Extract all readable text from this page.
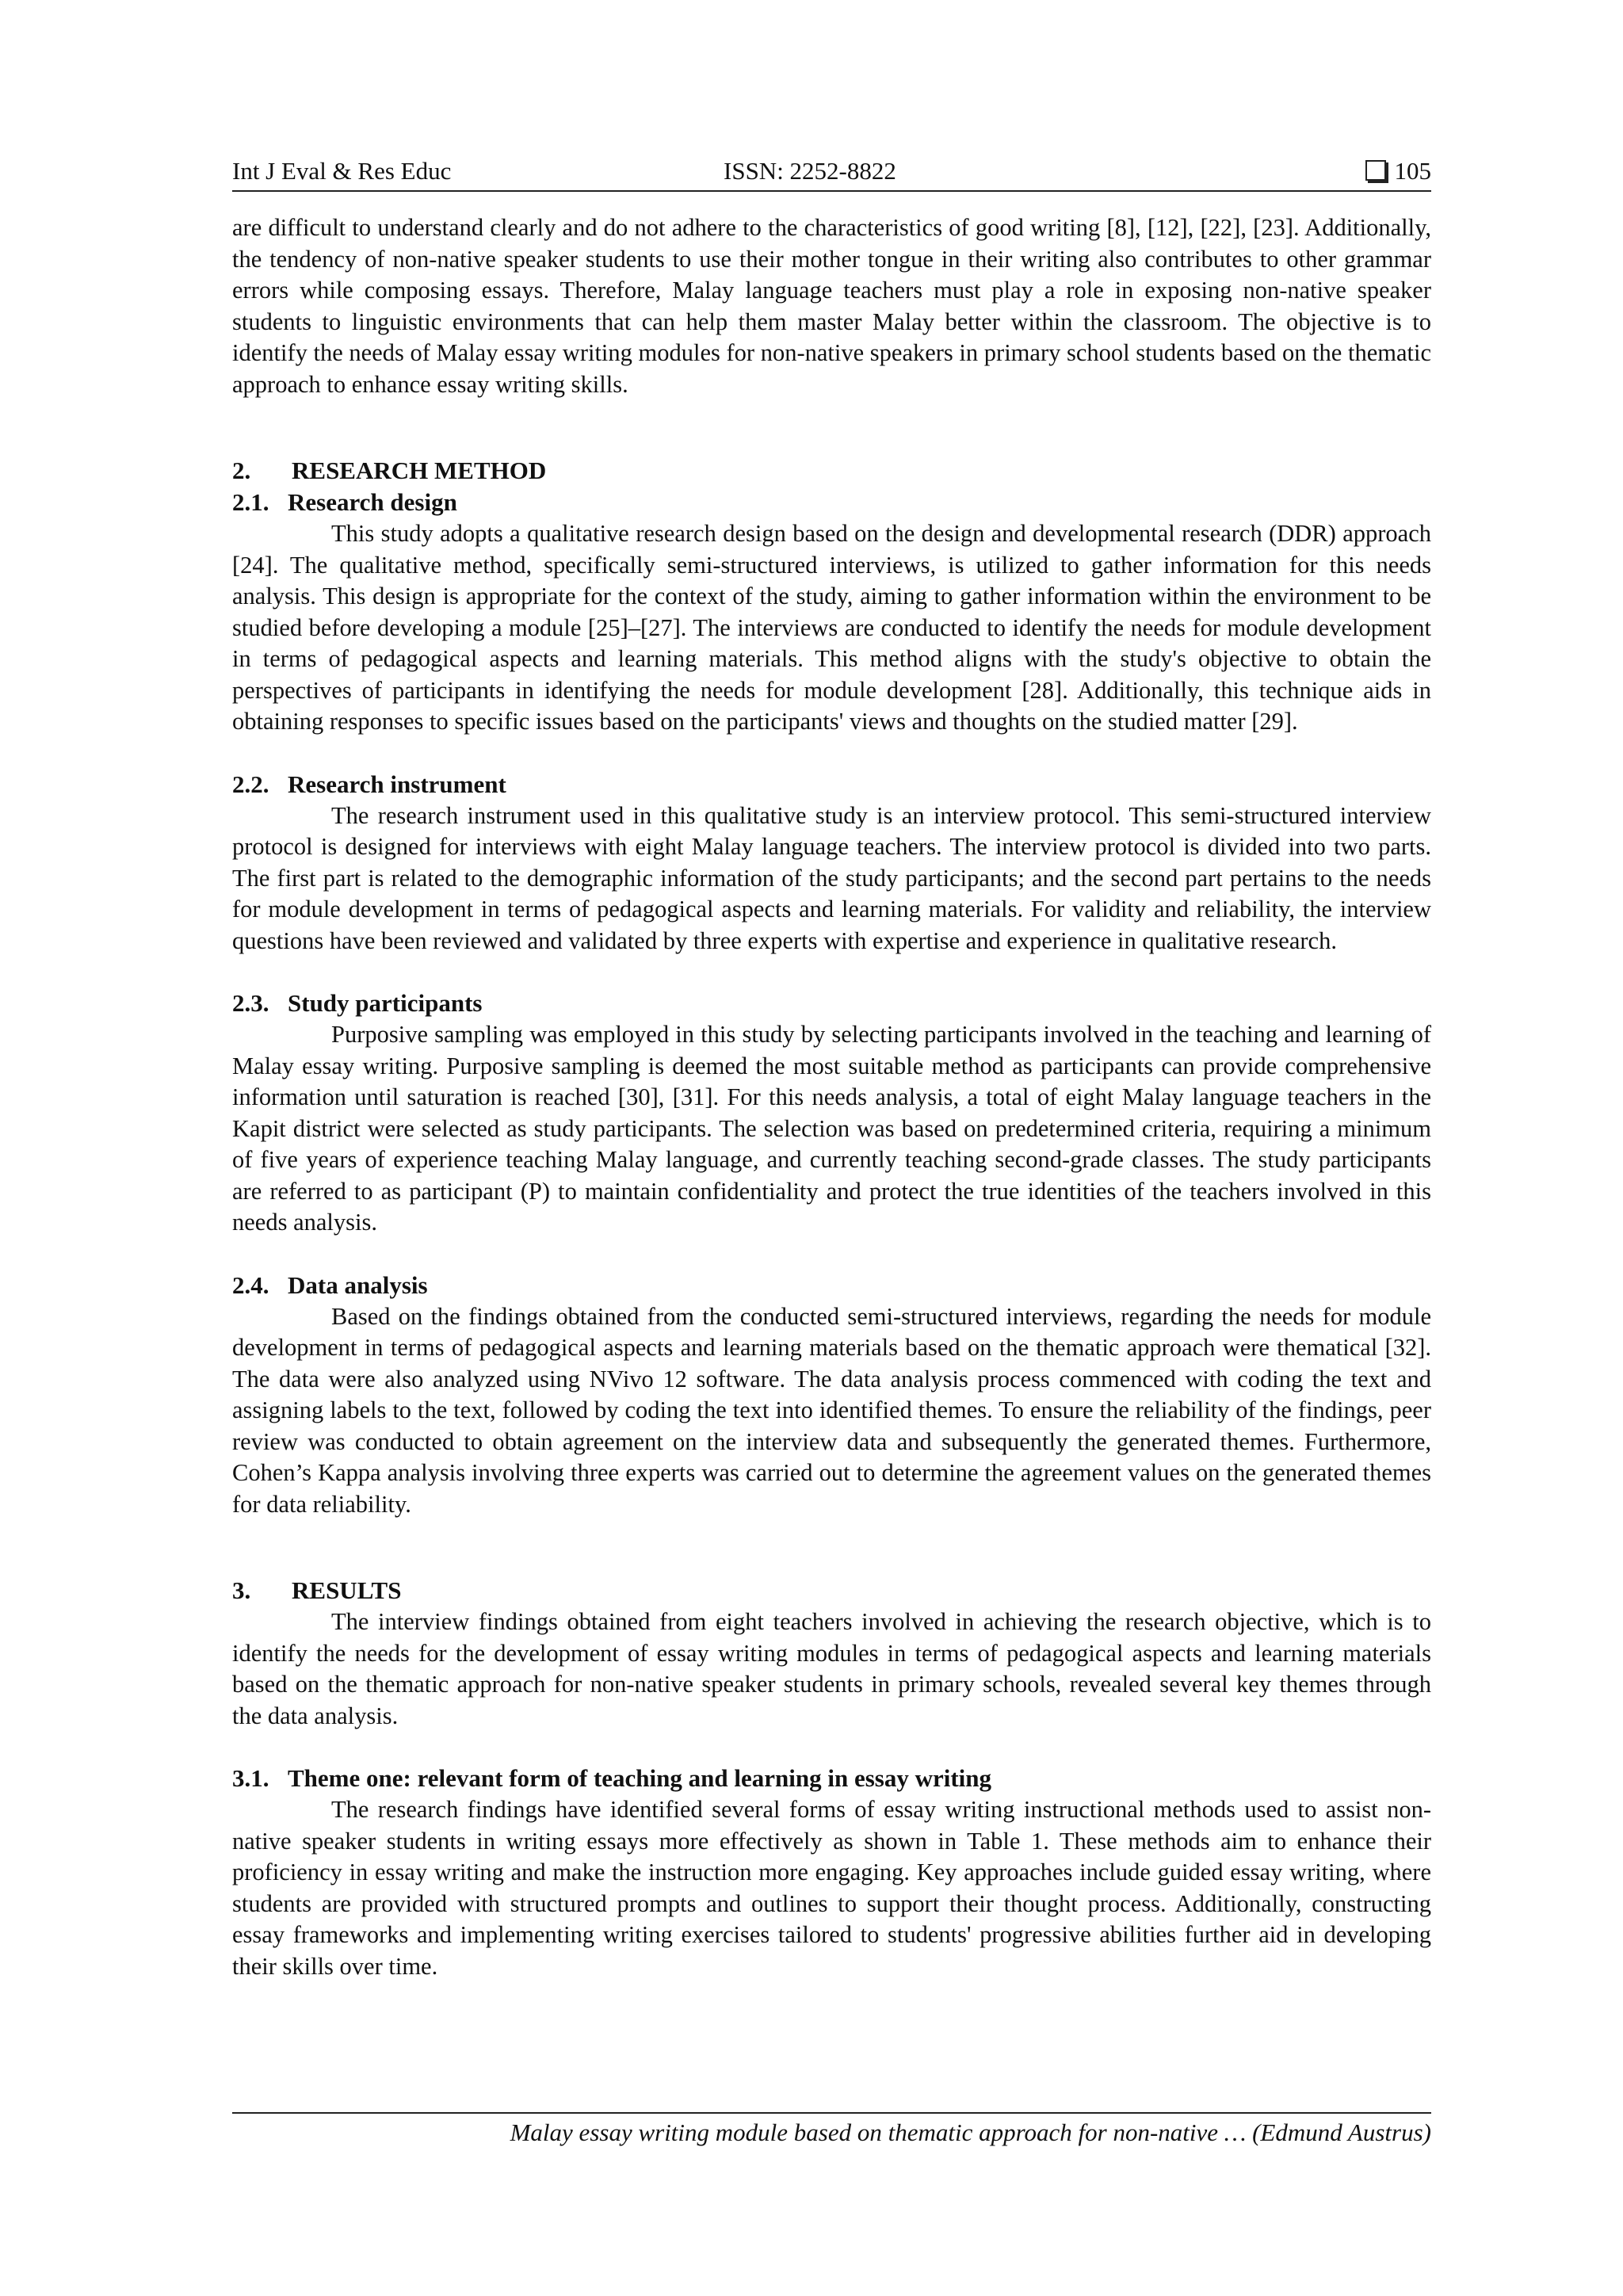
Int J Eval & Res Educ	ISSN: 2252-8822	105

are difficult to understand clearly and do not adhere to the characteristics of good writing [8], [12], [22], [23]. Additionally, the tendency of non-native speaker students to use their mother tongue in their writing also contributes to other grammar errors while composing essays. Therefore, Malay language teachers must play a role in exposing non-native speaker students to linguistic environments that can help them master Malay better within the classroom. The objective is to identify the needs of Malay essay writing modules for non-native speakers in primary school students based on the thematic approach to enhance essay writing skills.

2. RESEARCH METHOD
2.1. Research design

This study adopts a qualitative research design based on the design and developmental research (DDR) approach [24]. The qualitative method, specifically semi-structured interviews, is utilized to gather information for this needs analysis. This design is appropriate for the context of the study, aiming to gather information within the environment to be studied before developing a module [25]–[27]. The interviews are conducted to identify the needs for module development in terms of pedagogical aspects and learning materials. This method aligns with the study's objective to obtain the perspectives of participants in identifying the needs for module development [28]. Additionally, this technique aids in obtaining responses to specific issues based on the participants' views and thoughts on the studied matter [29].

2.2. Research instrument

The research instrument used in this qualitative study is an interview protocol. This semi-structured interview protocol is designed for interviews with eight Malay language teachers. The interview protocol is divided into two parts. The first part is related to the demographic information of the study participants; and the second part pertains to the needs for module development in terms of pedagogical aspects and learning materials. For validity and reliability, the interview questions have been reviewed and validated by three experts with expertise and experience in qualitative research.

2.3. Study participants

Purposive sampling was employed in this study by selecting participants involved in the teaching and learning of Malay essay writing. Purposive sampling is deemed the most suitable method as participants can provide comprehensive information until saturation is reached [30], [31]. For this needs analysis, a total of eight Malay language teachers in the Kapit district were selected as study participants. The selection was based on predetermined criteria, requiring a minimum of five years of experience teaching Malay language, and currently teaching second-grade classes. The study participants are referred to as participant (P) to maintain confidentiality and protect the true identities of the teachers involved in this needs analysis.

2.4. Data analysis

Based on the findings obtained from the conducted semi-structured interviews, regarding the needs for module development in terms of pedagogical aspects and learning materials based on the thematic approach were thematical [32]. The data were also analyzed using NVivo 12 software. The data analysis process commenced with coding the text and assigning labels to the text, followed by coding the text into identified themes. To ensure the reliability of the findings, peer review was conducted to obtain agreement on the interview data and subsequently the generated themes. Furthermore, Cohen’s Kappa analysis involving three experts was carried out to determine the agreement values on the generated themes for data reliability.

3. RESULTS

The interview findings obtained from eight teachers involved in achieving the research objective, which is to identify the needs for the development of essay writing modules in terms of pedagogical aspects and learning materials based on the thematic approach for non-native speaker students in primary schools, revealed several key themes through the data analysis.

3.1. Theme one: relevant form of teaching and learning in essay writing

The research findings have identified several forms of essay writing instructional methods used to assist non-native speaker students in writing essays more effectively as shown in Table 1. These methods aim to enhance their proficiency in essay writing and make the instruction more engaging. Key approaches include guided essay writing, where students are provided with structured prompts and outlines to support their thought process. Additionally, constructing essay frameworks and implementing writing exercises tailored to students' progressive abilities further aid in developing their skills over time.

Malay essay writing module based on thematic approach for non-native … (Edmund Austrus)
